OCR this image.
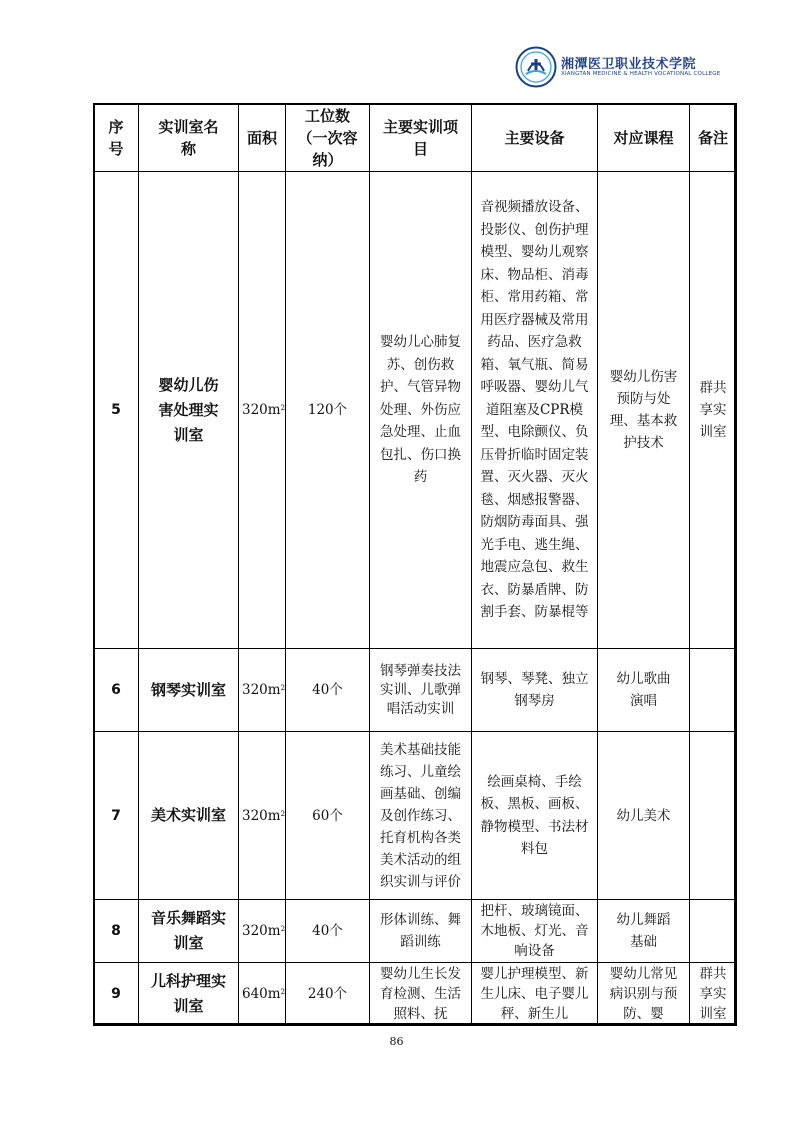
湘潭医卫职业技术学院
XIANGTAN MEDICINE & HEALTH VOCATIONAL COLLEGE
序号	实训室名称	面积	工位数（一次容纳）	主要实训项目	主要设备	对应课程	备注
5	婴幼儿伤害处理实训室	$320m^2$	120个	婴幼儿心肺复苏、创伤救护、气管异物处理、外伤应急处理、止血包扎、伤口换药	音视频播放设备、投影仪、创伤护理模型、婴幼儿观察床、物品柜、消毒柜、常用药箱、常用医疗器械及常用药品、医疗急救箱、氧气瓶、简易呼吸器、婴幼儿气道阻塞及CPR模型、电除颤仪、负压骨折临时固定装置、灭火器、灭火毯、烟感报警器、防烟防毒面具、强光手电、逃生绳、地震应急包、救生衣、防暴盾牌、防割手套、防暴棍等	婴幼儿伤害预防与处理、基本救护技术	群共享实训室
6	钢琴实训室	$320m^2$	40个	钢琴弹奏技法实训、儿歌弹唱活动实训	钢琴、琴凳、独立钢琴房	幼儿歌曲演唱	
7	美术实训室	$320m^2$	60个	美术基础技能练习、儿童绘画基础、创编及创作练习、托育机构各类美术活动的组织实训与评价	绘画桌椅、手绘板、黑板、画板、静物模型、书法材料包	幼儿美术	
8	音乐舞蹈实训室	$320m^2$	40个	形体训练、舞蹈训练	把杆、玻璃镜面、木地板、灯光、音响设备	幼儿舞蹈基础	
9	儿科护理实训室	$640m^2$	240个	婴幼儿生长发育检测、生活照料、抚	婴儿护理模型、新生儿床、电子婴儿秤、新生儿	婴幼儿常见病识别与预防、婴	群共享实训室
86
